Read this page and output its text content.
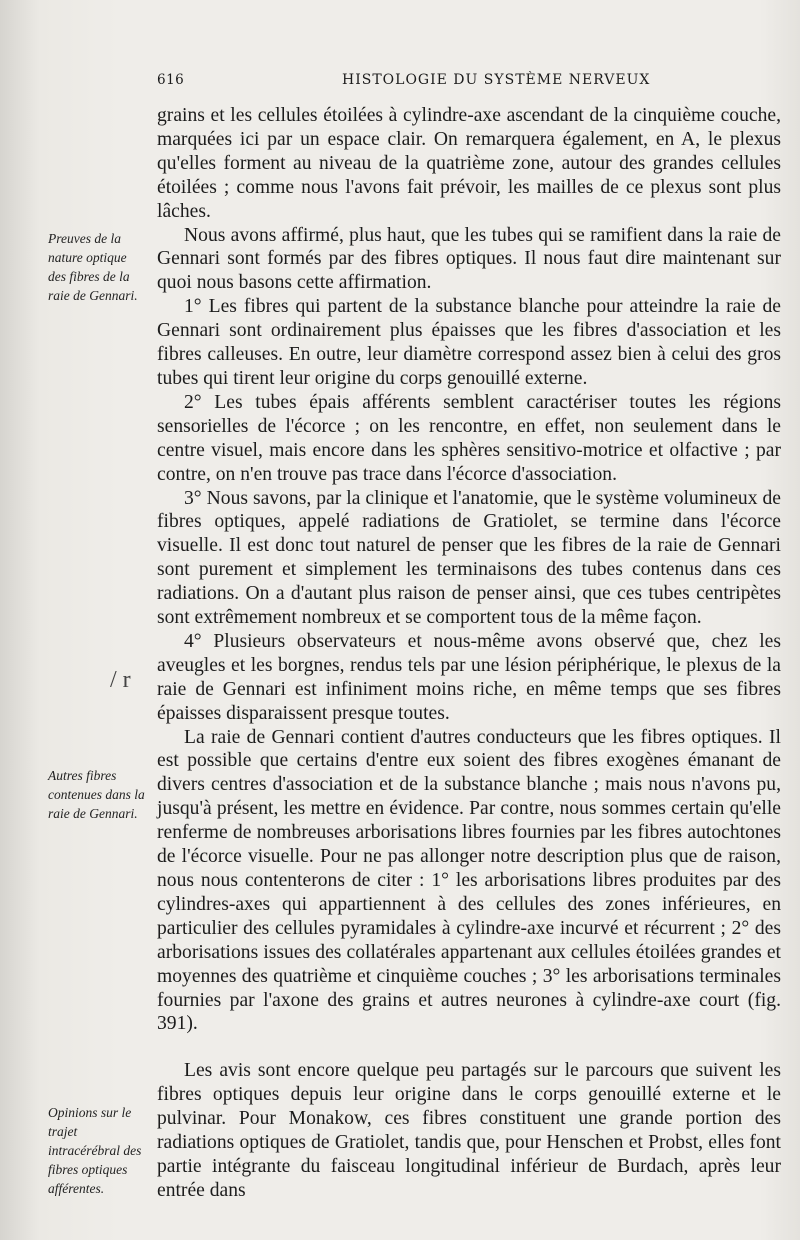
616	HISTOLOGIE DU SYSTÈME NERVEUX
Preuves de la nature optique des fibres de la raie de Gennari.
/ r
Autres fibres contenues dans la raie de Gennari.
Opinions sur le trajet intracérébral des fibres optiques afférentes.

grains et les cellules étoilées à cylindre-axe ascendant de la cinquième couche, marquées ici par un espace clair. On remarquera également, en A, le plexus qu'elles forment au niveau de la quatrième zone, autour des grandes cellules étoilées ; comme nous l'avons fait prévoir, les mailles de ce plexus sont plus lâches.

Nous avons affirmé, plus haut, que les tubes qui se ramifient dans la raie de Gennari sont formés par des fibres optiques. Il nous faut dire maintenant sur quoi nous basons cette affirmation.

1° Les fibres qui partent de la substance blanche pour atteindre la raie de Gennari sont ordinairement plus épaisses que les fibres d'association et les fibres calleuses. En outre, leur diamètre correspond assez bien à celui des gros tubes qui tirent leur origine du corps genouillé externe.

2° Les tubes épais afférents semblent caractériser toutes les régions sensorielles de l'écorce ; on les rencontre, en effet, non seulement dans le centre visuel, mais encore dans les sphères sensitivo-motrice et olfactive ; par contre, on n'en trouve pas trace dans l'écorce d'association.

3° Nous savons, par la clinique et l'anatomie, que le système volumineux de fibres optiques, appelé radiations de Gratiolet, se termine dans l'écorce visuelle. Il est donc tout naturel de penser que les fibres de la raie de Gennari sont purement et simplement les terminaisons des tubes contenus dans ces radiations. On a d'autant plus raison de penser ainsi, que ces tubes centripètes sont extrêmement nombreux et se comportent tous de la même façon.

4° Plusieurs observateurs et nous-même avons observé que, chez les aveugles et les borgnes, rendus tels par une lésion périphérique, le plexus de la raie de Gennari est infiniment moins riche, en même temps que ses fibres épaisses disparaissent presque toutes.

La raie de Gennari contient d'autres conducteurs que les fibres optiques. Il est possible que certains d'entre eux soient des fibres exogènes émanant de divers centres d'association et de la substance blanche ; mais nous n'avons pu, jusqu'à présent, les mettre en évidence. Par contre, nous sommes certain qu'elle renferme de nombreuses arborisations libres fournies par les fibres autochtones de l'écorce visuelle. Pour ne pas allonger notre description plus que de raison, nous nous contenterons de citer : 1° les arborisations libres produites par des cylindres-axes qui appartiennent à des cellules des zones inférieures, en particulier des cellules pyramidales à cylindre-axe incurvé et récurrent ; 2° des arborisations issues des collatérales appartenant aux cellules étoilées grandes et moyennes des quatrième et cinquième couches ; 3° les arborisations terminales fournies par l'axone des grains et autres neurones à cylindre-axe court (fig. 391).

Les avis sont encore quelque peu partagés sur le parcours que suivent les fibres optiques depuis leur origine dans le corps genouillé externe et le pulvinar. Pour Monakow, ces fibres constituent une grande portion des radiations optiques de Gratiolet, tandis que, pour Henschen et Probst, elles font partie intégrante du faisceau longitudinal inférieur de Burdach, après leur entrée dans
